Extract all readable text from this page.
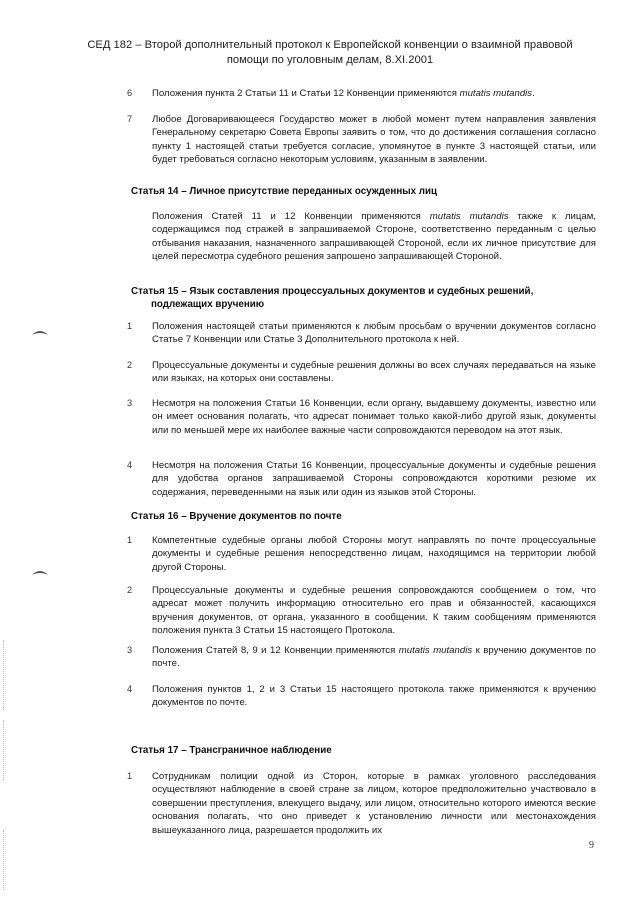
СЕД 182 – Второй дополнительный протокол к Европейской конвенции о взаимной правовой
помощи по уголовным делам, 8.XI.2001
6	Положения пункта 2 Статьи 11 и Статьи 12 Конвенции применяются mutatis mutandis.
7	Любое Договаривающееся Государство может в любой момент путем направления заявления Генеральному секретарю Совета Европы заявить о том, что до достижения соглашения согласно пункту 1 настоящей статьи требуется согласие, упомянутое в пункте 3 настоящей статьи, или будет требоваться согласно некоторым условиям, указанным в заявлении.
Статья 14 – Личное присутствие переданных осужденных лиц
Положения Статей 11 и 12 Конвенции применяются mutatis mutandis также к лицам, содержащимся под стражей в запрашиваемой Стороне, соответственно переданным с целью отбывания наказания, назначенного запрашивающей Стороной, если их личное присутствие для целей пересмотра судебного решения запрошено запрашивающей Стороной.
Статья 15 – Язык составления процессуальных документов и судебных решений,
подлежащих вручению
1	Положения настоящей статьи применяются к любым просьбам о вручении документов согласно Статье 7 Конвенции или Статье 3 Дополнительного протокола к ней.
2	Процессуальные документы и судебные решения должны во всех случаях передаваться на языке или языках, на которых они составлены.
3	Несмотря на положения Статьи 16 Конвенции, если органу, выдавшему документы, известно или он имеет основания полагать, что адресат понимает только какой-либо другой язык, документы или по меньшей мере их наиболее важные части сопровождаются переводом на этот язык.
4	Несмотря на положения Статьи 16 Конвенции, процессуальные документы и судебные решения для удобства органов запрашиваемой Стороны сопровождаются короткими резюме их содержания, переведенными на язык или один из языков этой Стороны.
Статья 16 – Вручение документов по почте
1	Компетентные судебные органы любой Стороны могут направлять по почте процессуальные документы и судебные решения непосредственно лицам, находящимся на территории любой другой Стороны.
2	Процессуальные документы и судебные решения сопровождаются сообщением о том, что адресат может получить информацию относительно его прав и обязанностей, касающихся вручения документов, от органа, указанного в сообщении. К таким сообщениям применяются положения пункта 3 Статьи 15 настоящего Протокола.
3	Положения Статей 8, 9 и 12 Конвенции применяются mutatis mutandis к вручению документов по почте.
4	Положения пунктов 1, 2 и 3 Статьи 15 настоящего протокола также применяются к вручению документов по почте.
Статья 17 – Трансграничное наблюдение
1	Сотрудникам полиции одной из Сторон, которые в рамках уголовного расследования осуществляют наблюдение в своей стране за лицом, которое предположительно участвовало в совершении преступления, влекущего выдачу, или лицом, относительно которого имеются веские основания полагать, что оно приведет к установлению личности или местонахождения вышеуказанного лица, разрешается продолжить их
9
